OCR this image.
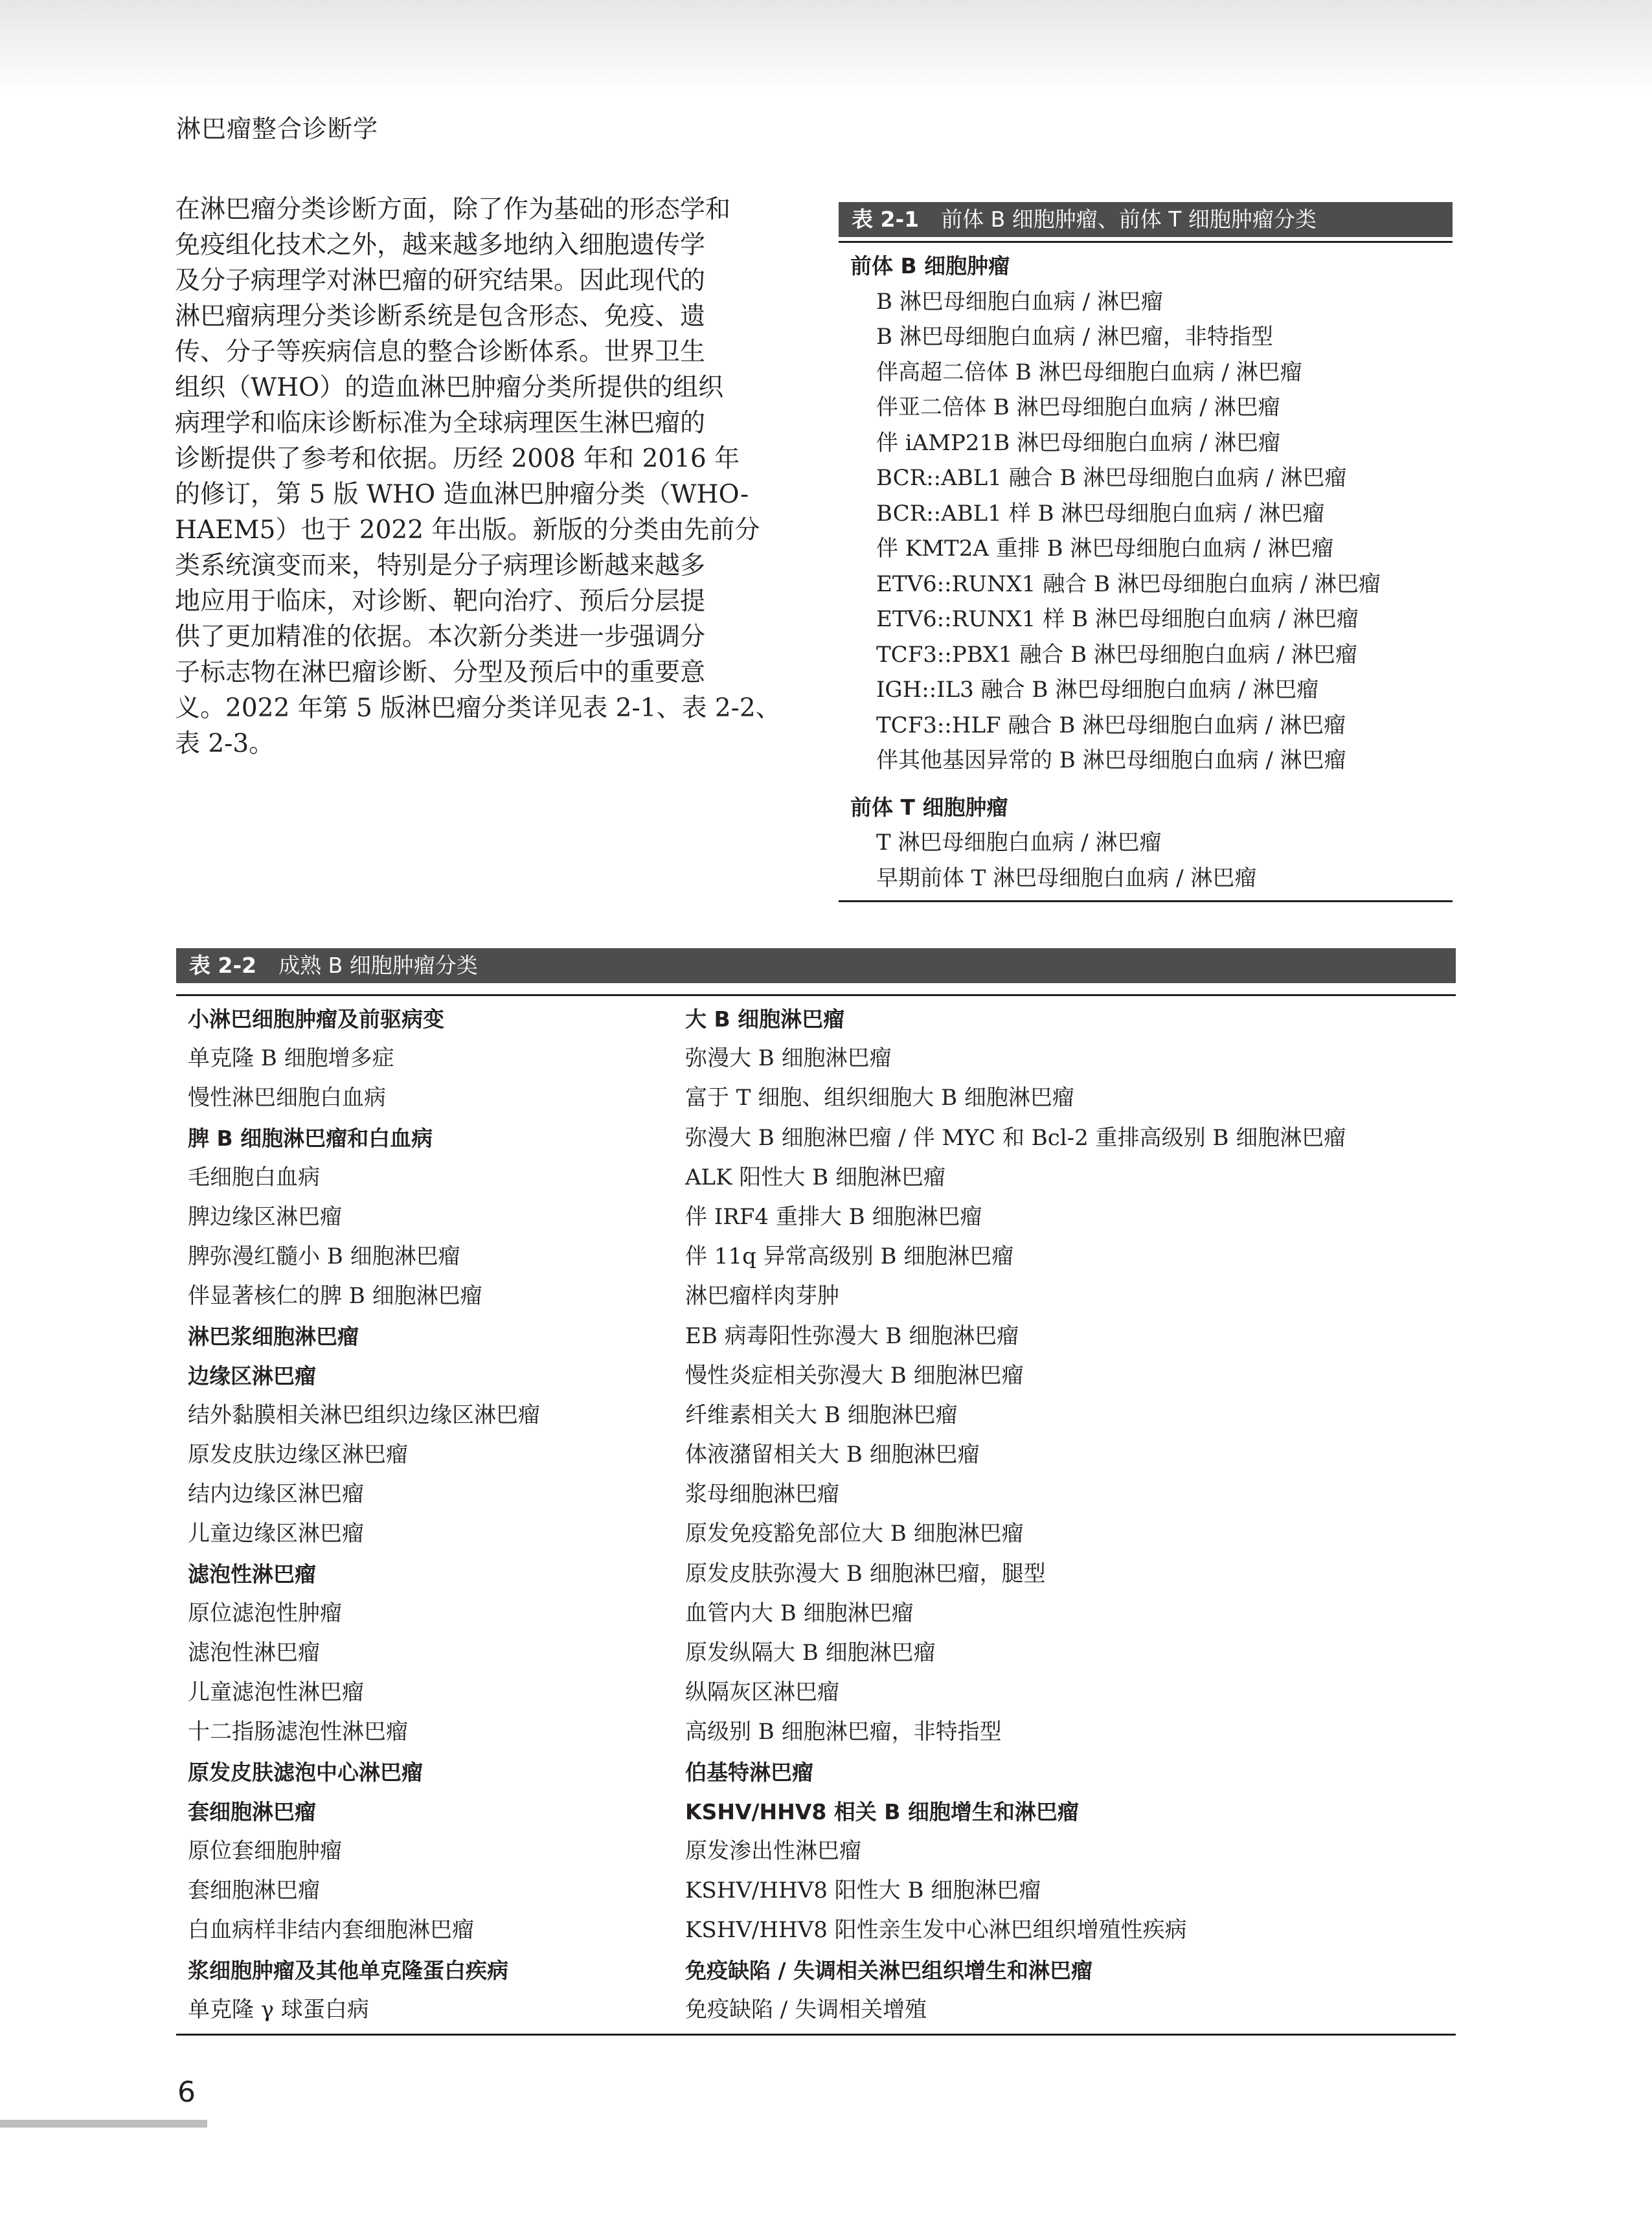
淋巴瘤整合诊断学
在淋巴瘤分类诊断方面，除了作为基础的形态学和
免疫组化技术之外，越来越多地纳入细胞遗传学
及分子病理学对淋巴瘤的研究结果。因此现代的
淋巴瘤病理分类诊断系统是包含形态、免疫、遗
传、分子等疾病信息的整合诊断体系。世界卫生
组织（WHO）的造血淋巴肿瘤分类所提供的组织
病理学和临床诊断标准为全球病理医生淋巴瘤的
诊断提供了参考和依据。历经 2008 年和 2016 年
的修订，第 5 版 WHO 造血淋巴肿瘤分类（WHO-
HAEM5）也于 2022 年出版。新版的分类由先前分
类系统演变而来，特别是分子病理诊断越来越多
地应用于临床，对诊断、靶向治疗、预后分层提
供了更加精准的依据。本次新分类进一步强调分
子标志物在淋巴瘤诊断、分型及预后中的重要意
义。2022 年第 5 版淋巴瘤分类详见表 2-1、表 2-2、
表 2-3。
表 2-1 前体 B 细胞肿瘤、前体 T 细胞肿瘤分类
前体 B 细胞肿瘤
B 淋巴母细胞白血病 / 淋巴瘤
B 淋巴母细胞白血病 / 淋巴瘤，非特指型
伴高超二倍体 B 淋巴母细胞白血病 / 淋巴瘤
伴亚二倍体 B 淋巴母细胞白血病 / 淋巴瘤
伴 iAMP21B 淋巴母细胞白血病 / 淋巴瘤
BCR::ABL1 融合 B 淋巴母细胞白血病 / 淋巴瘤
BCR::ABL1 样 B 淋巴母细胞白血病 / 淋巴瘤
伴 KMT2A 重排 B 淋巴母细胞白血病 / 淋巴瘤
ETV6::RUNX1 融合 B 淋巴母细胞白血病 / 淋巴瘤
ETV6::RUNX1 样 B 淋巴母细胞白血病 / 淋巴瘤
TCF3::PBX1 融合 B 淋巴母细胞白血病 / 淋巴瘤
IGH::IL3 融合 B 淋巴母细胞白血病 / 淋巴瘤
TCF3::HLF 融合 B 淋巴母细胞白血病 / 淋巴瘤
伴其他基因异常的 B 淋巴母细胞白血病 / 淋巴瘤
前体 T 细胞肿瘤
T 淋巴母细胞白血病 / 淋巴瘤
早期前体 T 淋巴母细胞白血病 / 淋巴瘤
表 2-2 成熟 B 细胞肿瘤分类
小淋巴细胞肿瘤及前驱病变
单克隆 B 细胞增多症
慢性淋巴细胞白血病
脾 B 细胞淋巴瘤和白血病
毛细胞白血病
脾边缘区淋巴瘤
脾弥漫红髓小 B 细胞淋巴瘤
伴显著核仁的脾 B 细胞淋巴瘤
淋巴浆细胞淋巴瘤
边缘区淋巴瘤
结外黏膜相关淋巴组织边缘区淋巴瘤
原发皮肤边缘区淋巴瘤
结内边缘区淋巴瘤
儿童边缘区淋巴瘤
滤泡性淋巴瘤
原位滤泡性肿瘤
滤泡性淋巴瘤
儿童滤泡性淋巴瘤
十二指肠滤泡性淋巴瘤
原发皮肤滤泡中心淋巴瘤
套细胞淋巴瘤
原位套细胞肿瘤
套细胞淋巴瘤
白血病样非结内套细胞淋巴瘤
浆细胞肿瘤及其他单克隆蛋白疾病
单克隆 γ 球蛋白病
大 B 细胞淋巴瘤
弥漫大 B 细胞淋巴瘤
富于 T 细胞、组织细胞大 B 细胞淋巴瘤
弥漫大 B 细胞淋巴瘤 / 伴 MYC 和 Bcl-2 重排高级别 B 细胞淋巴瘤
ALK 阳性大 B 细胞淋巴瘤
伴 IRF4 重排大 B 细胞淋巴瘤
伴 11q 异常高级别 B 细胞淋巴瘤
淋巴瘤样肉芽肿
EB 病毒阳性弥漫大 B 细胞淋巴瘤
慢性炎症相关弥漫大 B 细胞淋巴瘤
纤维素相关大 B 细胞淋巴瘤
体液潴留相关大 B 细胞淋巴瘤
浆母细胞淋巴瘤
原发免疫豁免部位大 B 细胞淋巴瘤
原发皮肤弥漫大 B 细胞淋巴瘤，腿型
血管内大 B 细胞淋巴瘤
原发纵隔大 B 细胞淋巴瘤
纵隔灰区淋巴瘤
高级别 B 细胞淋巴瘤，非特指型
伯基特淋巴瘤
KSHV/HHV8 相关 B 细胞增生和淋巴瘤
原发渗出性淋巴瘤
KSHV/HHV8 阳性大 B 细胞淋巴瘤
KSHV/HHV8 阳性亲生发中心淋巴组织增殖性疾病
免疫缺陷 / 失调相关淋巴组织增生和淋巴瘤
免疫缺陷 / 失调相关增殖
6
